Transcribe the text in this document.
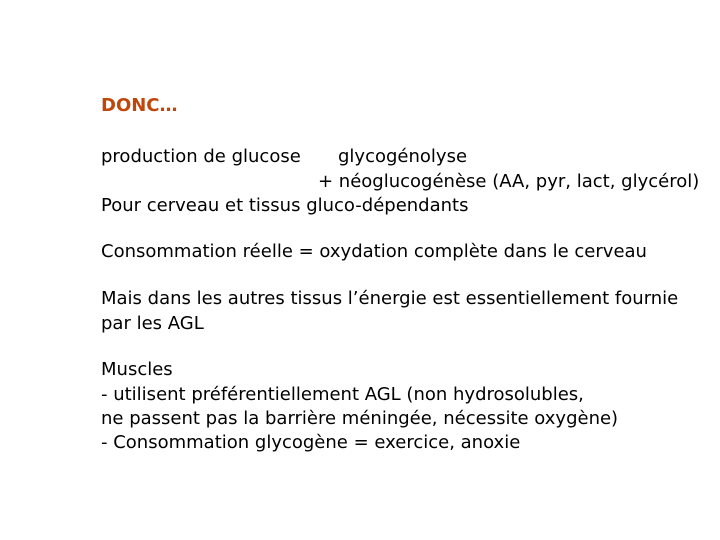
DONC…
production de glucose glycogénolyse
+ néoglucogénèse (AA, pyr, lact, glycérol)
Pour cerveau et tissus gluco-dépendants
Consommation réelle = oxydation complète dans le cerveau
Mais dans les autres tissus l’énergie est essentiellement fournie
par les AGL
Muscles
- utilisent préférentiellement AGL (non hydrosolubles,
ne passent pas la barrière méningée, nécessite oxygène)
- Consommation glycogène = exercice, anoxie
